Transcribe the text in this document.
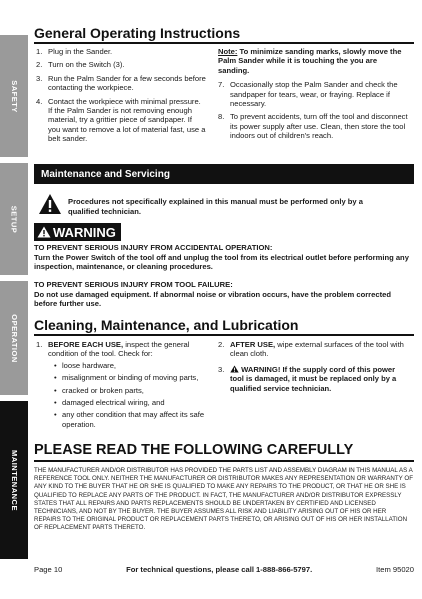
SAFETY
SETUP
OPERATION
MAINTENANCE
General Operating Instructions
1. Plug in the Sander.
2. Turn on the Switch (3).
3. Run the Palm Sander for a few seconds before contacting the workpiece.
4. Contact the workpiece with minimal pressure. If the Palm Sander is not removing enough material, try a grittier piece of sandpaper. If you want to remove a lot of material fast, use a belt sander.
Note: To minimize sanding marks, slowly move the Palm Sander while it is touching the you are sanding.
7. Occasionally stop the Palm Sander and check the sandpaper for tears, wear, or fraying. Replace if necessary.
8. To prevent accidents, turn off the tool and disconnect its power supply after use. Clean, then store the tool indoors out of children's reach.
Maintenance and Servicing
Procedures not specifically explained in this manual must be performed only by a qualified technician.
WARNING
TO PREVENT SERIOUS INJURY FROM ACCIDENTAL OPERATION:
Turn the Power Switch of the tool off and unplug the tool from its electrical outlet before performing any inspection, maintenance, or cleaning procedures.
TO PREVENT SERIOUS INJURY FROM TOOL FAILURE:
Do not use damaged equipment. If abnormal noise or vibration occurs, have the problem corrected before further use.
Cleaning, Maintenance, and Lubrication
1. BEFORE EACH USE, inspect the general condition of the tool. Check for:
• loose hardware,
• misalignment or binding of moving parts,
• cracked or broken parts,
• damaged electrical wiring, and
• any other condition that may affect its safe operation.
2. AFTER USE, wipe external surfaces of the tool with clean cloth.
3.	WARNING! If the supply cord of this power tool is damaged, it must be replaced only by a qualified service technician.
PLEASE READ THE FOLLOWING CAREFULLY
THE MANUFACTURER AND/OR DISTRIBUTOR HAS PROVIDED THE PARTS LIST AND ASSEMBLY DIAGRAM IN THIS MANUAL AS A REFERENCE TOOL ONLY. NEITHER THE MANUFACTURER OR DISTRIBUTOR MAKES ANY REPRESENTATION OR WARRANTY OF ANY KIND TO THE BUYER THAT HE OR SHE IS QUALIFIED TO MAKE ANY REPAIRS TO THE PRODUCT, OR THAT HE OR SHE IS QUALIFIED TO REPLACE ANY PARTS OF THE PRODUCT. IN FACT, THE MANUFACTURER AND/OR DISTRIBUTOR EXPRESSLY STATES THAT ALL REPAIRS AND PARTS REPLACEMENTS SHOULD BE UNDERTAKEN BY CERTIFIED AND LICENSED TECHNICIANS, AND NOT BY THE BUYER. THE BUYER ASSUMES ALL RISK AND LIABILITY ARISING OUT OF HIS OR HER REPAIRS TO THE ORIGINAL PRODUCT OR REPLACEMENT PARTS THERETO, OR ARISING OUT OF HIS OR HER INSTALLATION OF REPLACEMENT PARTS THERETO.
Page 10	For technical questions, please call 1-888-866-5797.	Item 95020
